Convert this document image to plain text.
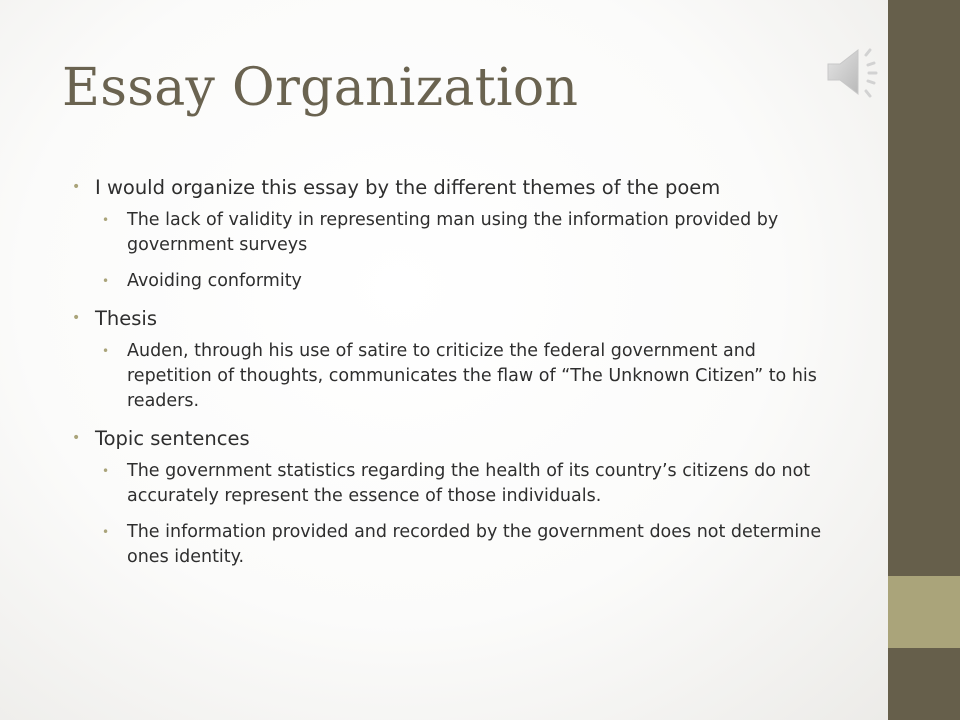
Essay Organization
• I would organize this essay by the different themes of the poem
• The lack of validity in representing man using the information provided by government surveys
• Avoiding conformity
• Thesis
• Auden, through his use of satire to criticize the federal government and repetition of thoughts, communicates the flaw of “The Unknown Citizen” to his readers.
• Topic sentences
• The government statistics regarding the health of its country’s citizens do not accurately represent the essence of those individuals.
• The information provided and recorded by the government does not determine ones identity.
